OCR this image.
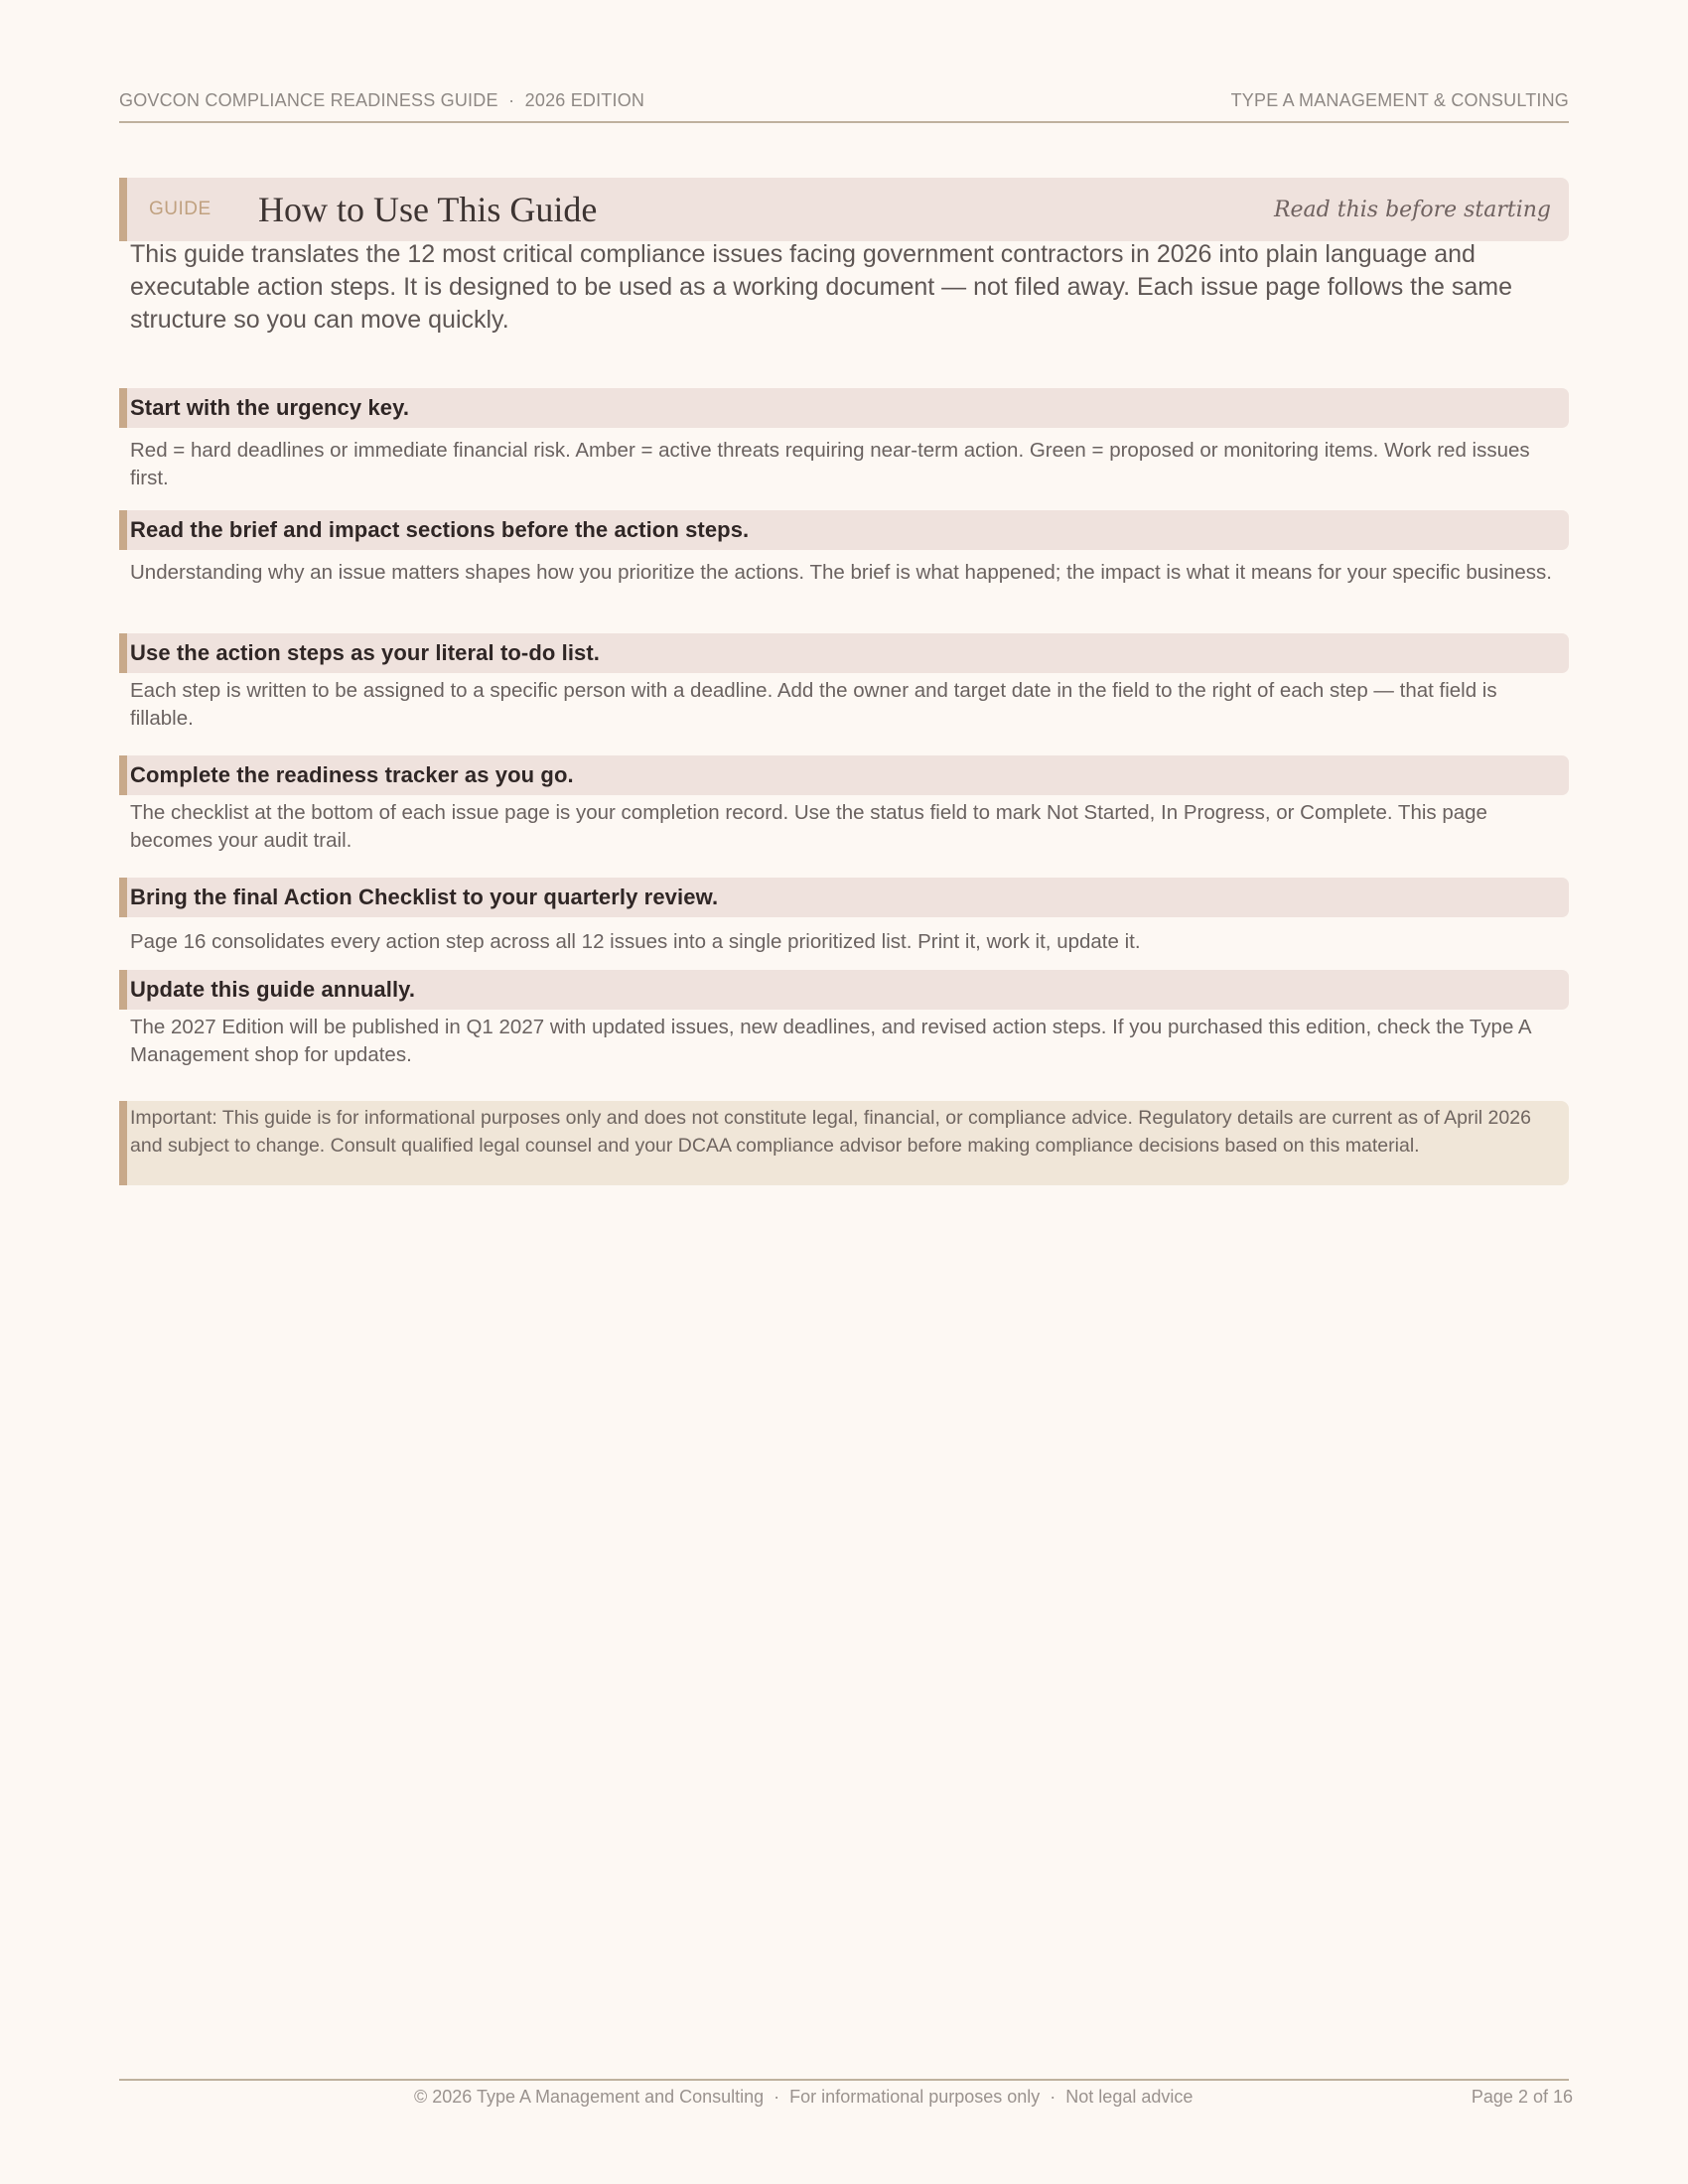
GOVCON COMPLIANCE READINESS GUIDE  ·  2026 EDITION	TYPE A MANAGEMENT & CONSULTING
GUIDE	How to Use This Guide	Read this before starting
This guide translates the 12 most critical compliance issues facing government contractors in 2026 into plain language and executable action steps. It is designed to be used as a working document — not filed away. Each issue page follows the same structure so you can move quickly.
Start with the urgency key.
Red = hard deadlines or immediate financial risk. Amber = active threats requiring near-term action. Green = proposed or monitoring items. Work red issues first.
Read the brief and impact sections before the action steps.
Understanding why an issue matters shapes how you prioritize the actions. The brief is what happened; the impact is what it means for your specific business.
Use the action steps as your literal to-do list.
Each step is written to be assigned to a specific person with a deadline. Add the owner and target date in the field to the right of each step — that field is fillable.
Complete the readiness tracker as you go.
The checklist at the bottom of each issue page is your completion record. Use the status field to mark Not Started, In Progress, or Complete. This page becomes your audit trail.
Bring the final Action Checklist to your quarterly review.
Page 16 consolidates every action step across all 12 issues into a single prioritized list. Print it, work it, update it.
Update this guide annually.
The 2027 Edition will be published in Q1 2027 with updated issues, new deadlines, and revised action steps. If you purchased this edition, check the Type A Management shop for updates.
Important: This guide is for informational purposes only and does not constitute legal, financial, or compliance advice. Regulatory details are current as of April 2026 and subject to change. Consult qualified legal counsel and your DCAA compliance advisor before making compliance decisions based on this material.
© 2026 Type A Management and Consulting  ·  For informational purposes only  ·  Not legal advice	Page 2 of 16
